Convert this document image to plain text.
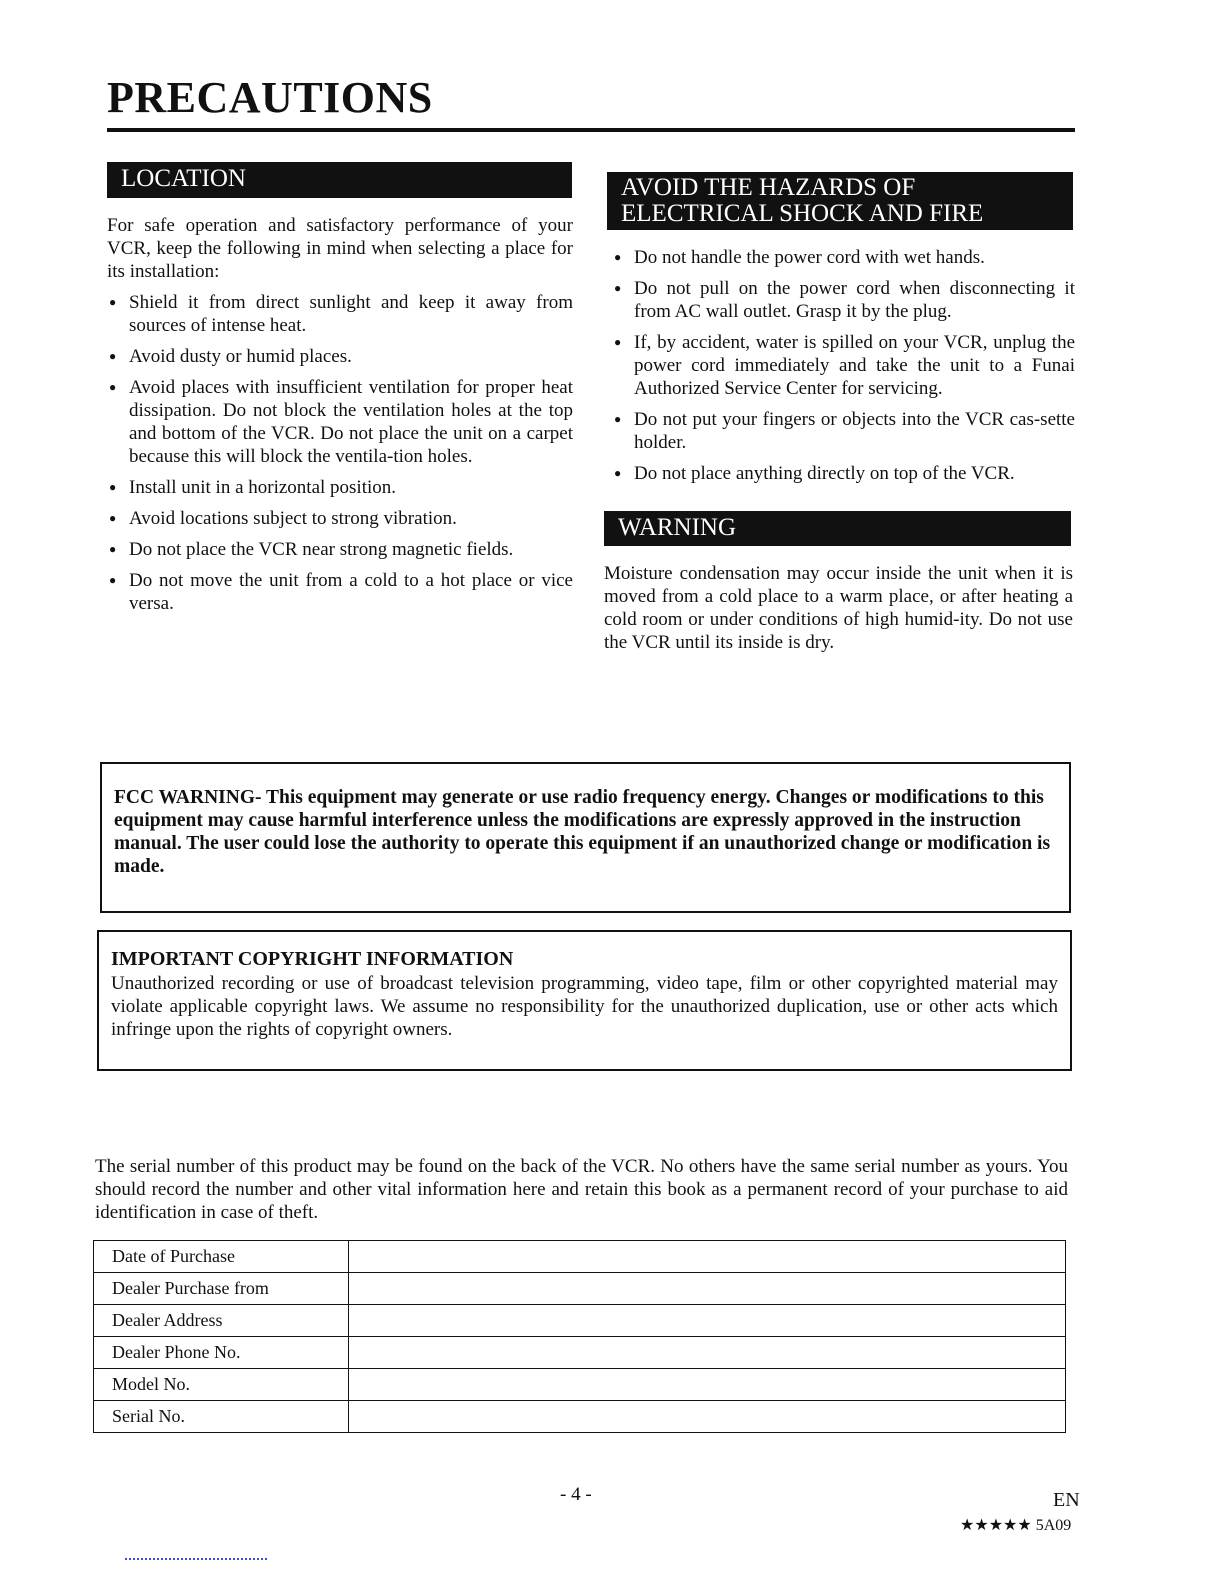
PRECAUTIONS
LOCATION
For safe operation and satisfactory performance of your VCR, keep the following in mind when selecting a place for its installation:
● Shield it from direct sunlight and keep it away from sources of intense heat.
● Avoid dusty or humid places.
● Avoid places with insufficient ventilation for proper heat dissipation. Do not block the ventilation holes at the top and bottom of the VCR. Do not place the unit on a carpet because this will block the ventila-tion holes.
● Install unit in a horizontal position.
● Avoid locations subject to strong vibration.
● Do not place the VCR near strong magnetic fields.
● Do not move the unit from a cold to a hot place or vice versa.
AVOID THE HAZARDS OF
ELECTRICAL SHOCK AND FIRE
● Do not handle the power cord with wet hands.
● Do not pull on the power cord when disconnecting it from AC wall outlet. Grasp it by the plug.
● If, by accident, water is spilled on your VCR, unplug the power cord immediately and take the unit to a Funai Authorized Service Center for servicing.
● Do not put your fingers or objects into the VCR cas-sette holder.
● Do not place anything directly on top of the VCR.
WARNING
Moisture condensation may occur inside the unit when it is moved from a cold place to a warm place, or after heating a cold room or under conditions of high humid-ity. Do not use the VCR until its inside is dry.
FCC WARNING- This equipment may generate or use radio frequency energy. Changes or modifications to this equipment may cause harmful interference unless the modifications are expressly approved in the instruction manual. The user could lose the authority to operate this equipment if an unauthorized change or modification is made.
IMPORTANT COPYRIGHT INFORMATION
Unauthorized recording or use of broadcast television programming, video tape, film or other copyrighted material may violate applicable copyright laws. We assume no responsibility for the unauthorized duplication, use or other acts which infringe upon the rights of copyright owners.
The serial number of this product may be found on the back of the VCR. No others have the same serial number as yours. You should record the number and other vital information here and retain this book as a permanent record of your purchase to aid identification in case of theft.
Date of Purchase	
Dealer Purchase from	
Dealer Address	
Dealer Phone No.	
Model No.	
Serial No.	
- 4 -	EN
★★★★★ 5A09
